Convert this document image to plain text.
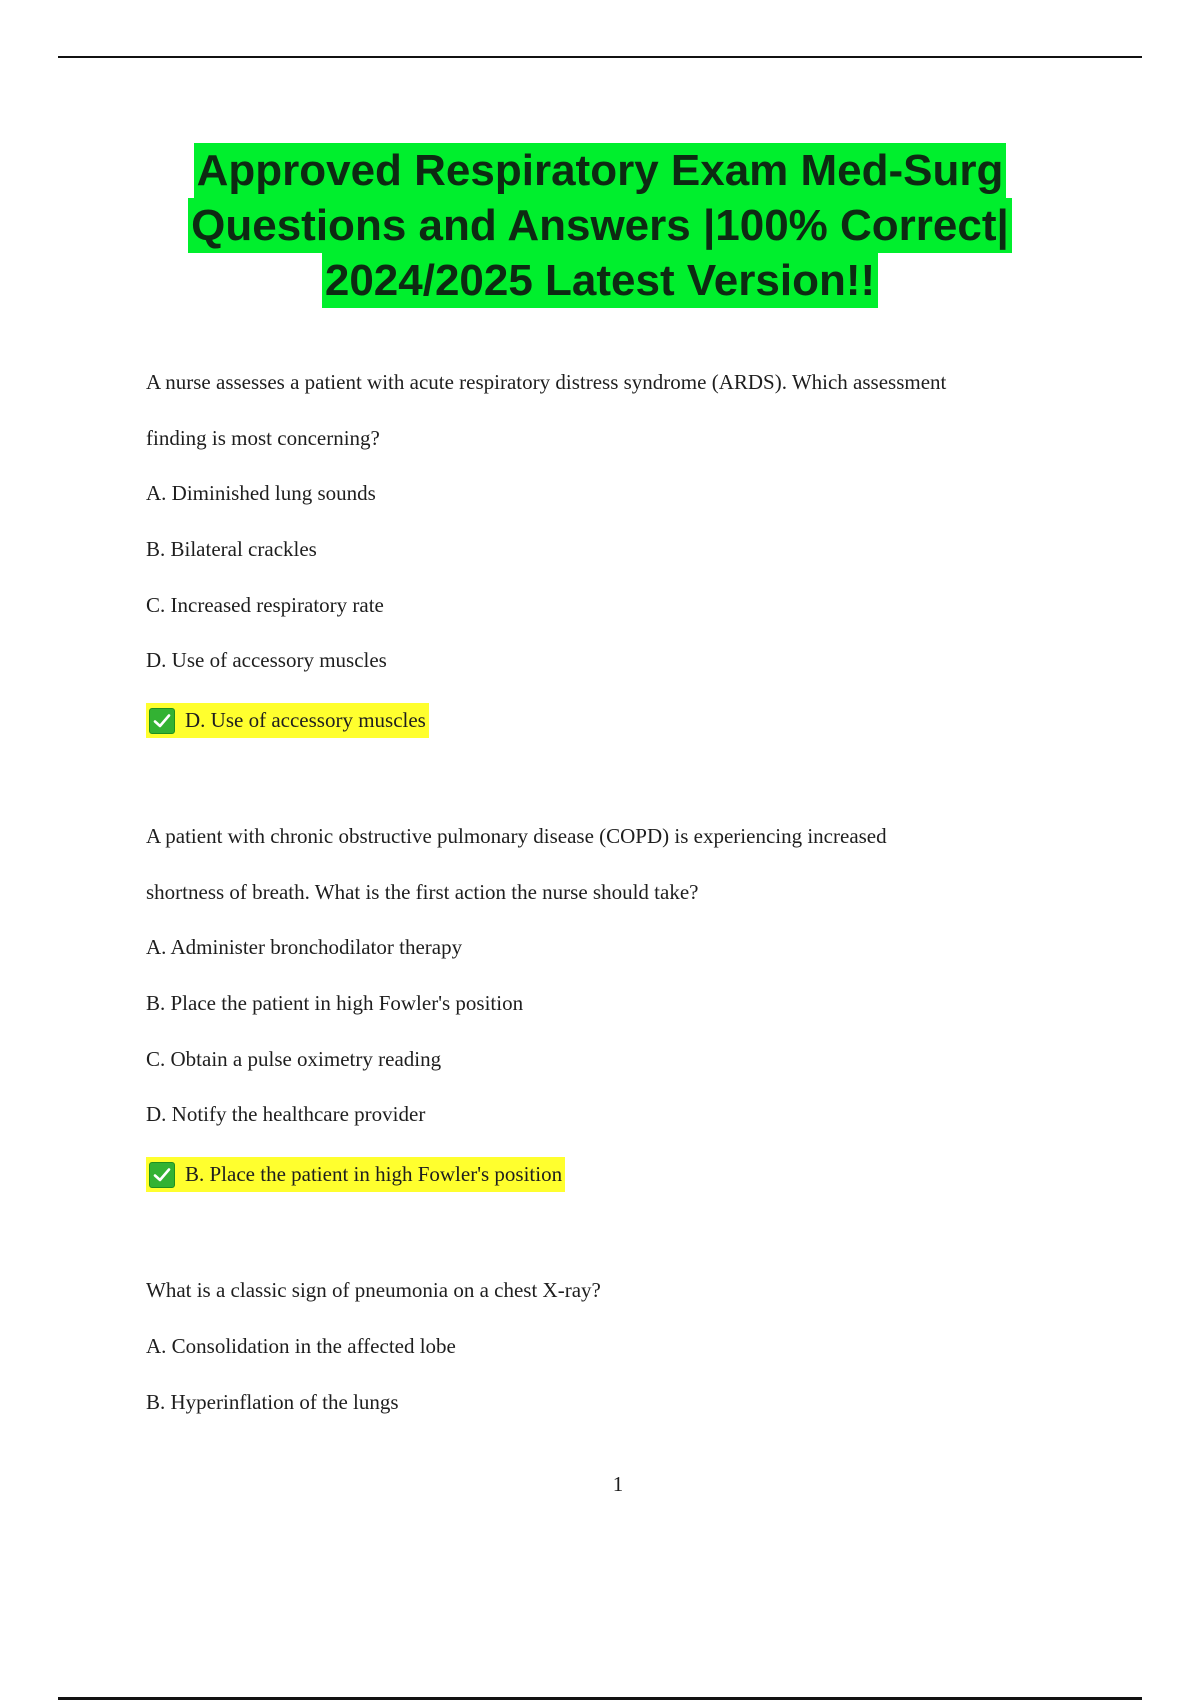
Approved Respiratory Exam Med-Surg
Questions and Answers |100% Correct|
2024/2025 Latest Version!!
A nurse assesses a patient with acute respiratory distress syndrome (ARDS). Which assessment
finding is most concerning?
A. Diminished lung sounds
B. Bilateral crackles
C. Increased respiratory rate
D. Use of accessory muscles
D. Use of accessory muscles
A patient with chronic obstructive pulmonary disease (COPD) is experiencing increased
shortness of breath. What is the first action the nurse should take?
A. Administer bronchodilator therapy
B. Place the patient in high Fowler's position
C. Obtain a pulse oximetry reading
D. Notify the healthcare provider
B. Place the patient in high Fowler's position
What is a classic sign of pneumonia on a chest X-ray?
A. Consolidation in the affected lobe
B. Hyperinflation of the lungs
1
